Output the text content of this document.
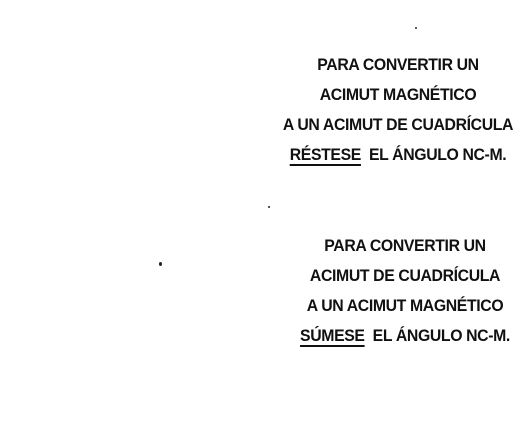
PARA CONVERTIR UN
ACIMUT MAGNÉTICO
A UN ACIMUT DE CUADRÍCULA
RÉSTESE EL ÁNGULO NC-M.
PARA CONVERTIR UN
ACIMUT DE CUADRÍCULA
A UN ACIMUT MAGNÉTICO
SÚMESE EL ÁNGULO NC-M.
